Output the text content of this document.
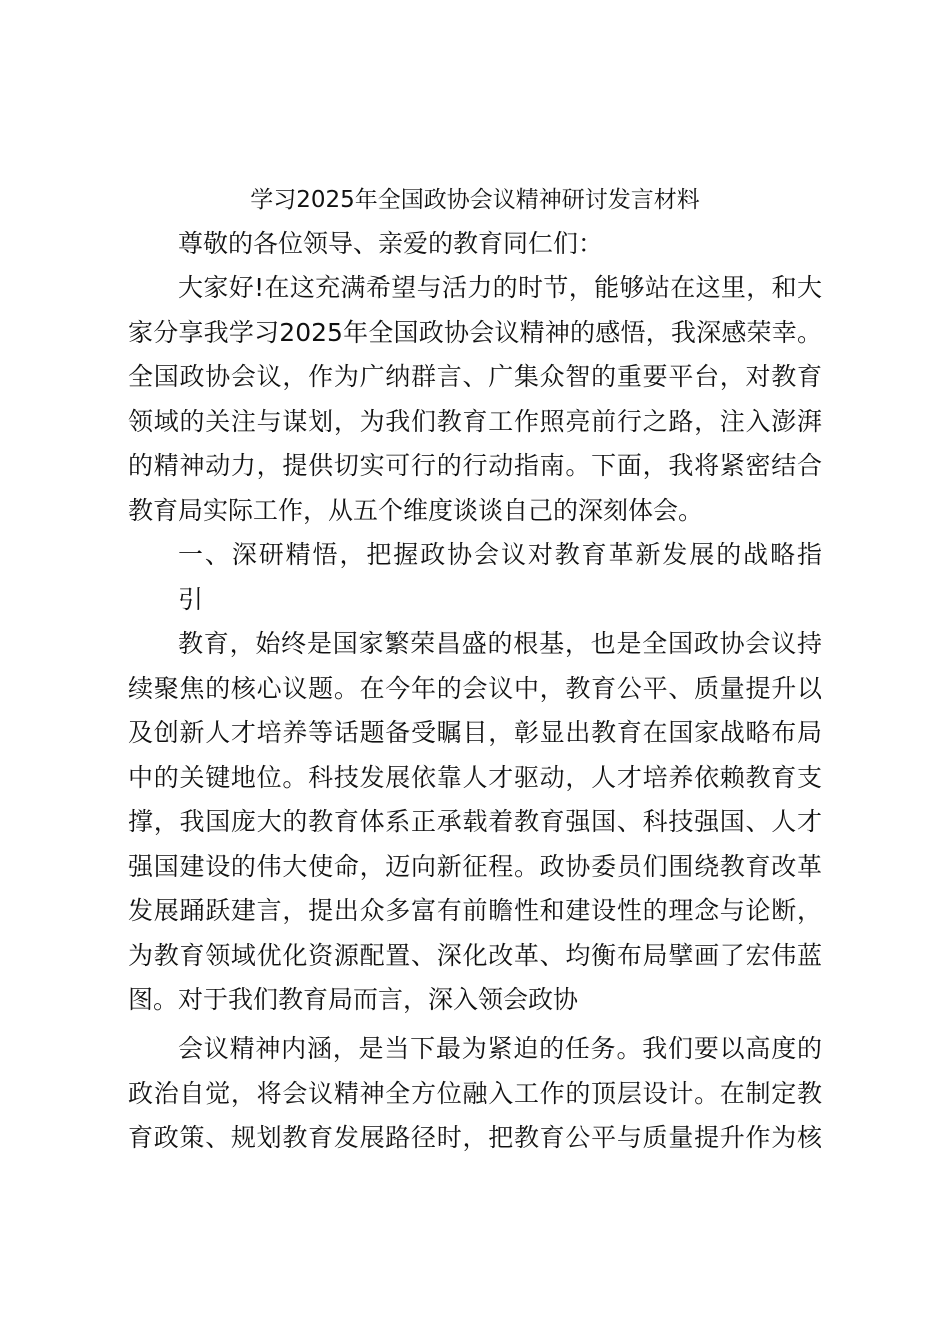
学习2025年全国政协会议精神研讨发言材料
尊敬的各位领导、亲爱的教育同仁们：
大家好!在这充满希望与活力的时节，能够站在这里，和大
家分享我学习2025年全国政协会议精神的感悟，我深感荣幸。
全国政协会议，作为广纳群言、广集众智的重要平台，对教育
领域的关注与谋划，为我们教育工作照亮前行之路，注入澎湃
的精神动力，提供切实可行的行动指南。下面，我将紧密结合
教育局实际工作，从五个维度谈谈自己的深刻体会。
一、深研精悟，把握政协会议对教育革新发展的战略指
引
教育，始终是国家繁荣昌盛的根基，也是全国政协会议持
续聚焦的核心议题。在今年的会议中，教育公平、质量提升以
及创新人才培养等话题备受瞩目，彰显出教育在国家战略布局
中的关键地位。科技发展依靠人才驱动，人才培养依赖教育支
撑，我国庞大的教育体系正承载着教育强国、科技强国、人才
强国建设的伟大使命，迈向新征程。政协委员们围绕教育改革
发展踊跃建言，提出众多富有前瞻性和建设性的理念与论断，
为教育领域优化资源配置、深化改革、均衡布局擘画了宏伟蓝
图。对于我们教育局而言，深入领会政协
会议精神内涵，是当下最为紧迫的任务。我们要以高度的
政治自觉，将会议精神全方位融入工作的顶层设计。在制定教
育政策、规划教育发展路径时，把教育公平与质量提升作为核
